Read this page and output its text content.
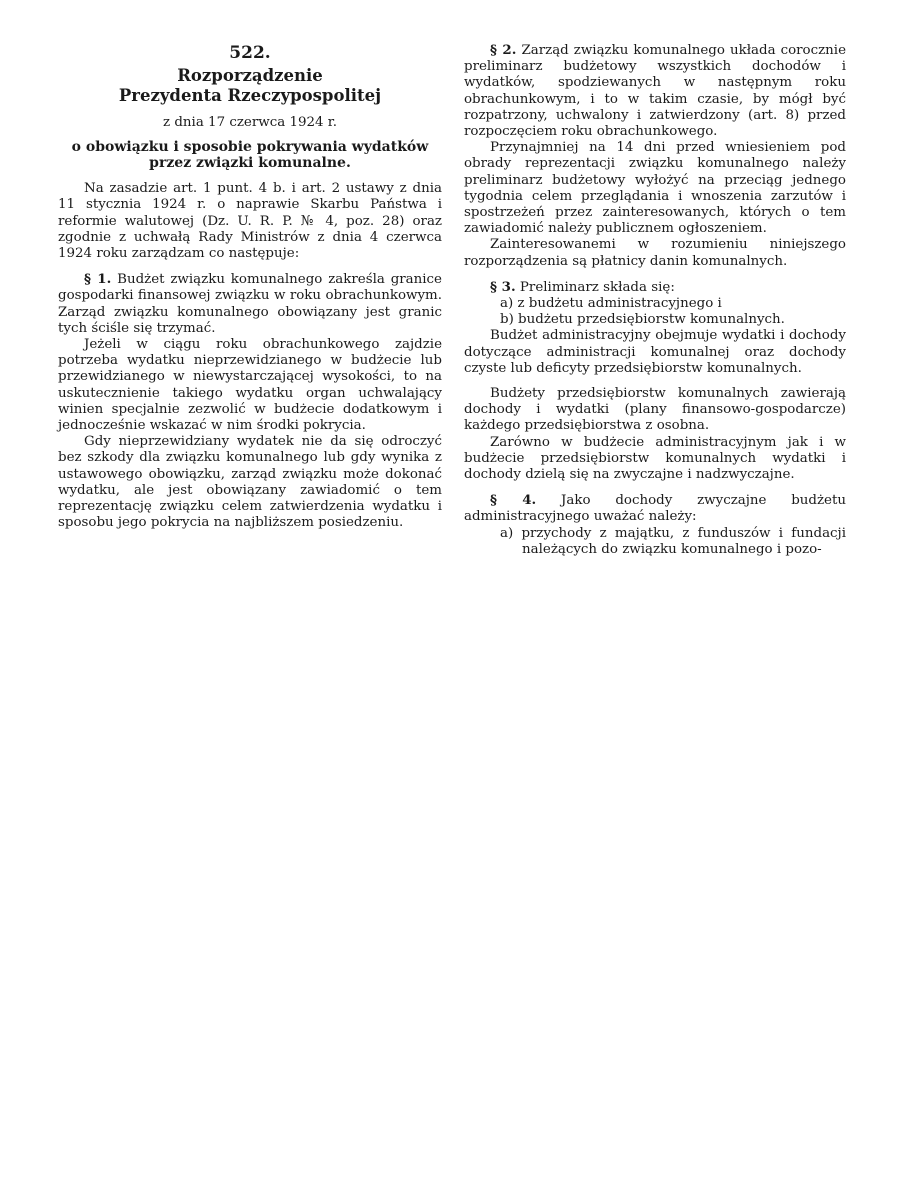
522.
Rozporządzenie
Prezydenta Rzeczypospolitej
z dnia 17 czerwca 1924 r.
o obowiązku i sposobie pokrywania wydatków przez związki komunalne.

Na zasadzie art. 1 punt. 4 b. i art. 2 ustawy z dnia 11 stycznia 1924 r. o naprawie Skarbu Państwa i reformie walutowej (Dz. U. R. P. № 4, poz. 28) oraz zgodnie z uchwałą Rady Ministrów z dnia 4 czerwca 1924 roku zarządzam co następuje:

§ 1. Budżet związku komunalnego zakreśla granice gospodarki finansowej związku w roku obrachunkowym. Zarząd związku komunalnego obowiązany jest granic tych ściśle się trzymać.

Jeżeli w ciągu roku obrachunkowego zajdzie potrzeba wydatku nieprzewidzianego w budżecie lub przewidzianego w niewystarczającej wysokości, to na uskutecznienie takiego wydatku organ uchwalający winien specjalnie zezwolić w budżecie dodatkowym i jednocześnie wskazać w nim środki pokrycia.

Gdy nieprzewidziany wydatek nie da się odroczyć bez szkody dla związku komunalnego lub gdy wynika z ustawowego obowiązku, zarząd związku może dokonać wydatku, ale jest obowiązany zawiadomić o tem reprezentację związku celem zatwierdzenia wydatku i sposobu jego pokrycia na najbliższem posiedzeniu.

§ 2. Zarząd związku komunalnego układa corocznie preliminarz budżetowy wszystkich dochodów i wydatków, spodziewanych w następnym roku obrachunkowym, i to w takim czasie, by mógł być rozpatrzony, uchwalony i zatwierdzony (art. 8) przed rozpoczęciem roku obrachunkowego.

Przynajmniej na 14 dni przed wniesieniem pod obrady reprezentacji związku komunalnego należy preliminarz budżetowy wyłożyć na przeciąg jednego tygodnia celem przeglądania i wnoszenia zarzutów i spostrzeżeń przez zainteresowanych, których o tem zawiadomić należy publicznem ogłoszeniem.

Zainteresowanemi w rozumieniu niniejszego rozporządzenia są płatnicy danin komunalnych.

§ 3. Preliminarz składa się:

a) z budżetu administracyjnego i

b) budżetu przedsiębiorstw komunalnych.

Budżet administracyjny obejmuje wydatki i dochody dotyczące administracji komunalnej oraz dochody czyste lub deficyty przedsiębiorstw komunalnych.

Budżety przedsiębiorstw komunalnych zawierają dochody i wydatki (plany finansowo-gospodarcze) każdego przedsiębiorstwa z osobna.

Zarówno w budżecie administracyjnym jak i w budżecie przedsiębiorstw komunalnych wydatki i dochody dzielą się na zwyczajne i nadzwyczajne.

§ 4. Jako dochody zwyczajne budżetu administracyjnego uważać należy:

a) przychody z majątku, z funduszów i fundacji należących do związku komunalnego i pozo-
